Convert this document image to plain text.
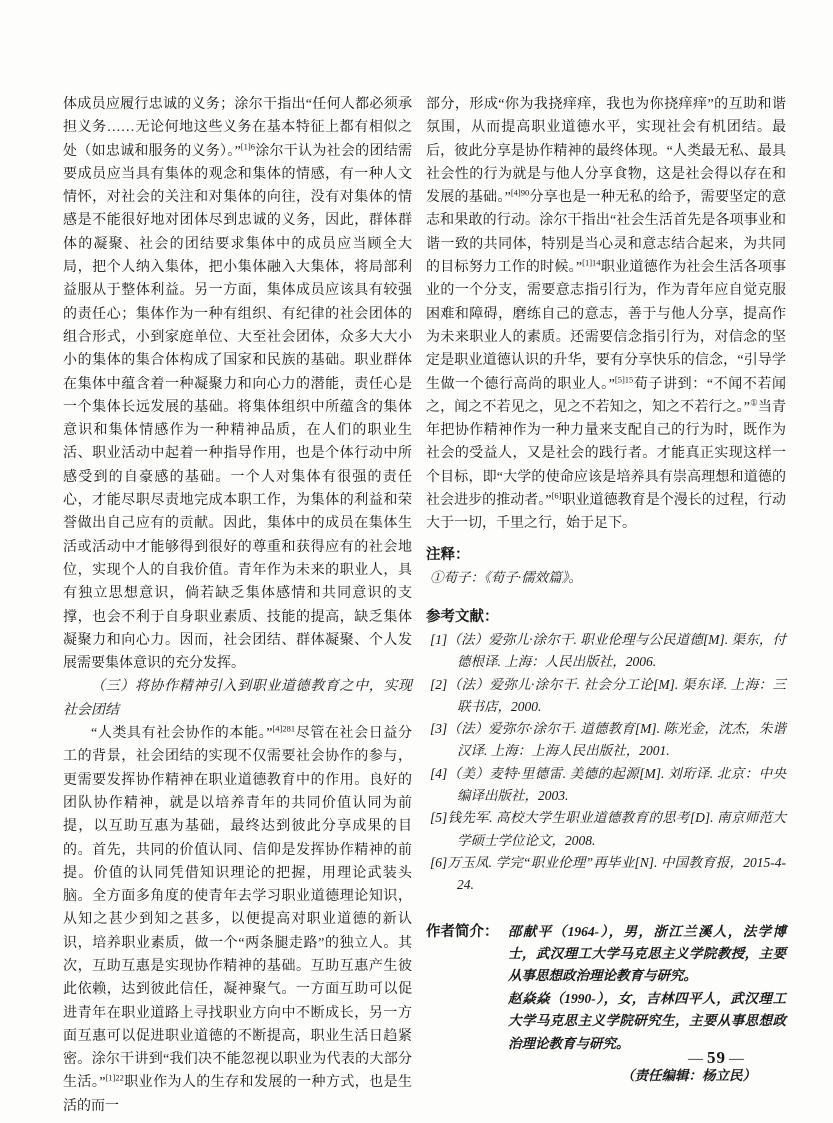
体成员应履行忠诚的义务；涂尔干指出“任何人都必须承担义务……无论何地这些义务在基本特征上都有相似之处（如忠诚和服务的义务）。”$^{[1]6}$涂尔干认为社会的团结需要成员应当具有集体的观念和集体的情感，有一种人文情怀，对社会的关注和对集体的向往，没有对集体的情感是不能很好地对团体尽到忠诚的义务，因此，群体群体的凝聚、社会的团结要求集体中的成员应当顾全大局，把个人纳入集体，把小集体融入大集体，将局部利益服从于整体利益。另一方面，集体成员应该具有较强的责任心；集体作为一种有组织、有纪律的社会团体的组合形式，小到家庭单位、大至社会团体，众多大大小小的集体的集合体构成了国家和民族的基础。职业群体在集体中蕴含着一种凝聚力和向心力的潜能，责任心是一个集体长远发展的基础。将集体组织中所蕴含的集体意识和集体情感作为一种精神品质，在人们的职业生活、职业活动中起着一种指导作用，也是个体行动中所感受到的自豪感的基础。一个人对集体有很强的责任心，才能尽职尽责地完成本职工作，为集体的利益和荣誉做出自己应有的贡献。因此，集体中的成员在集体生活或活动中才能够得到很好的尊重和获得应有的社会地位，实现个人的自我价值。青年作为未来的职业人，具有独立思想意识，倘若缺乏集体感情和共同意识的支撑，也会不利于自身职业素质、技能的提高，缺乏集体凝聚力和向心力。因而，社会团结、群体凝聚、个人发展需要集体意识的充分发挥。

（三）将协作精神引入到职业道德教育之中，实现社会团结

“人类具有社会协作的本能。”$^{[4]281}$尽管在社会日益分工的背景，社会团结的实现不仅需要社会协作的参与，更需要发挥协作精神在职业道德教育中的作用。良好的团队协作精神，就是以培养青年的共同价值认同为前提，以互助互惠为基础，最终达到彼此分享成果的目的。首先，共同的价值认同、信仰是发挥协作精神的前提。价值的认同凭借知识理论的把握，用理论武装头脑。全方面多角度的使青年去学习职业道德理论知识，从知之甚少到知之甚多，以便提高对职业道德的新认识，培养职业素质，做一个“两条腿走路”的独立人。其次，互助互惠是实现协作精神的基础。互助互惠产生彼此依赖，达到彼此信任，凝神聚气。一方面互助可以促进青年在职业道路上寻找职业方向中不断成长，另一方面互惠可以促进职业道德的不断提高，职业生活日趋紧密。涂尔干讲到“我们决不能忽视以职业为代表的大部分生活。”$^{[1]22}$职业作为人的生存和发展的一种方式，也是生活的而一

部分，形成“你为我挠痒痒，我也为你挠痒痒”的互助和谐氛围，从而提高职业道德水平，实现社会有机团结。最后，彼此分享是协作精神的最终体现。“人类最无私、最具社会性的行为就是与他人分享食物，这是社会得以存在和发展的基础。”$^{[4]90}$分享也是一种无私的给予，需要坚定的意志和果敢的行动。涂尔干指出“社会生活首先是各项事业和谐一致的共同体，特别是当心灵和意志结合起来，为共同的目标努力工作的时候。”$^{[1]14}$职业道德作为社会生活各项事业的一个分支，需要意志指引行为，作为青年应自觉克服困难和障碍，磨练自己的意志，善于与他人分享，提高作为未来职业人的素质。还需要信念指引行为，对信念的坚定是职业道德认识的升华，要有分享快乐的信念，“引导学生做一个德行高尚的职业人。”$^{[5]15}$荀子讲到：“不闻不若闻之，闻之不若见之，见之不若知之，知之不若行之。”①当青年把协作精神作为一种力量来支配自己的行为时，既作为社会的受益人，又是社会的践行者。才能真正实现这样一个目标，即“大学的使命应该是培养具有崇高理想和道德的社会进步的推动者。”[6]职业道德教育是个漫长的过程，行动大于一切，千里之行，始于足下。

注释：
①荀子：《荀子·儒效篇》。
参考文献：
[1]（法）爱弥儿·涂尔干. 职业伦理与公民道德[M]. 渠东，付德根译. 上海：人民出版社，2006.
[2]（法）爱弥儿·涂尔干. 社会分工论[M]. 渠东译. 上海：三联书店，2000.
[3]（法）爱弥尔·涂尔干. 道德教育[M]. 陈光金，沈杰，朱谐汉译. 上海：上海人民出版社，2001.
[4]（美）麦特·里德雷. 美德的起源[M]. 刘珩译. 北京：中央编译出版社，2003.
[5]钱先军. 高校大学生职业道德教育的思考[D]. 南京师范大学硕士学位论文，2008.
[6]万玉凤. 学完“职业伦理”再毕业[N]. 中国教育报，2015-4-24.
作者简介： 邵献平（1964-），男，浙江兰溪人，法学博士，武汉理工大学马克思主义学院教授，主要从事思想政治理论教育与研究。
赵焱焱（1990-），女，吉林四平人，武汉理工大学马克思主义学院研究生，主要从事思想政治理论教育与研究。
（责任编辑：杨立民）
— 59 —
